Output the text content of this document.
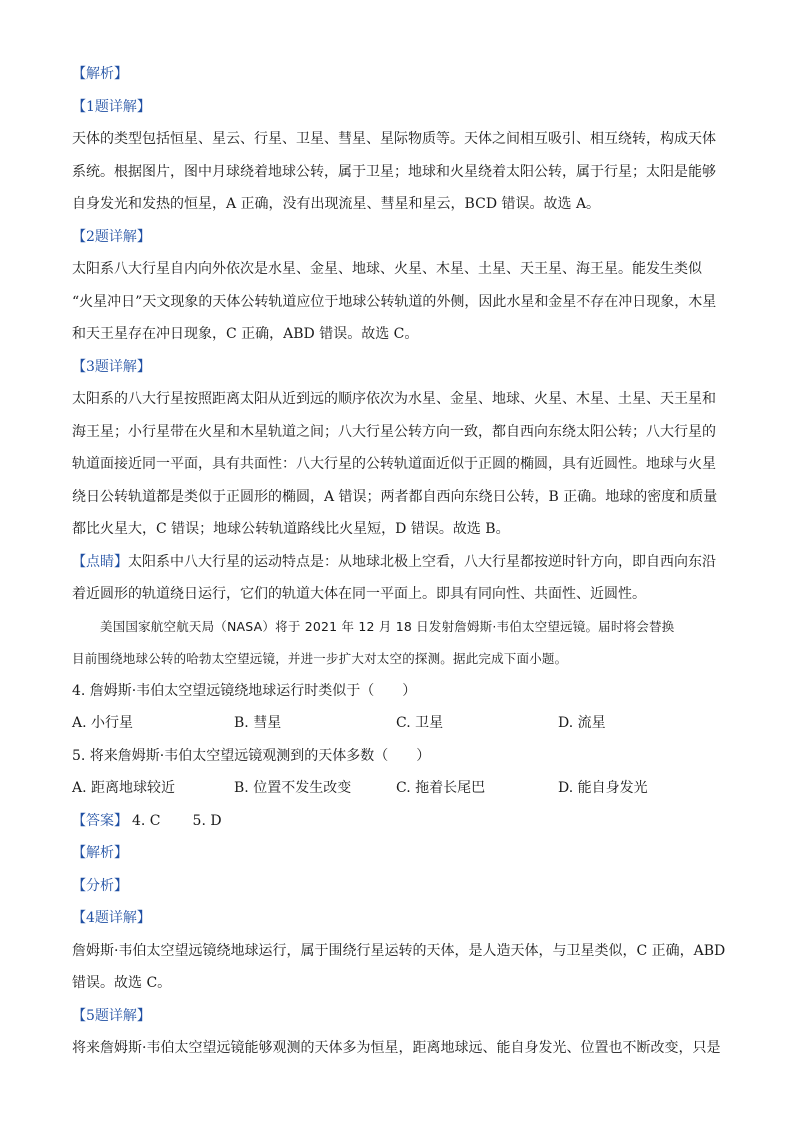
【解析】
【1题详解】
天体的类型包括恒星、星云、行星、卫星、彗星、星际物质等。天体之间相互吸引、相互绕转，构成天体
系统。根据图片，图中月球绕着地球公转，属于卫星；地球和火星绕着太阳公转，属于行星；太阳是能够
自身发光和发热的恒星，A 正确，没有出现流星、彗星和星云，BCD 错误。故选 A。
【2题详解】
太阳系八大行星自内向外依次是水星、金星、地球、火星、木星、土星、天王星、海王星。能发生类似
“火星冲日”天文现象的天体公转轨道应位于地球公转轨道的外侧，因此水星和金星不存在冲日现象，木星
和天王星存在冲日现象，C 正确，ABD 错误。故选 C。
【3题详解】
太阳系的八大行星按照距离太阳从近到远的顺序依次为水星、金星、地球、火星、木星、土星、天王星和
海王星；小行星带在火星和木星轨道之间；八大行星公转方向一致，都自西向东绕太阳公转；八大行星的
轨道面接近同一平面，具有共面性：八大行星的公转轨道面近似于正圆的椭圆，具有近圆性。地球与火星
绕日公转轨道都是类似于正圆形的椭圆，A 错误；两者都自西向东绕日公转，B 正确。地球的密度和质量
都比火星大，C 错误；地球公转轨道路线比火星短，D 错误。故选 B。
【点睛】太阳系中八大行星的运动特点是：从地球北极上空看，八大行星都按逆时针方向，即自西向东沿
着近圆形的轨道绕日运行，它们的轨道大体在同一平面上。即具有同向性、共面性、近圆性。
美国国家航空航天局（NASA）将于 2021 年 12 月 18 日发射詹姆斯·韦伯太空望远镜。届时将会替换
目前围绕地球公转的哈勃太空望远镜，并进一步扩大对太空的探测。据此完成下面小题。
4. 詹姆斯·韦伯太空望远镜绕地球运行时类似于（　　）
A. 小行星	B. 彗星	C. 卫星	D. 流星
5. 将来詹姆斯·韦伯太空望远镜观测到的天体多数（　　）
A. 距离地球较近	B. 位置不发生改变	C. 拖着长尾巴	D. 能自身发光
【答案】 4. C 5. D
【解析】
【分析】
【4题详解】
詹姆斯·韦伯太空望远镜绕地球运行，属于围绕行星运转的天体，是人造天体，与卫星类似，C 正确，ABD
错误。故选 C。
【5题详解】
将来詹姆斯·韦伯太空望远镜能够观测的天体多为恒星，距离地球远、能自身发光、位置也不断改变，只是
